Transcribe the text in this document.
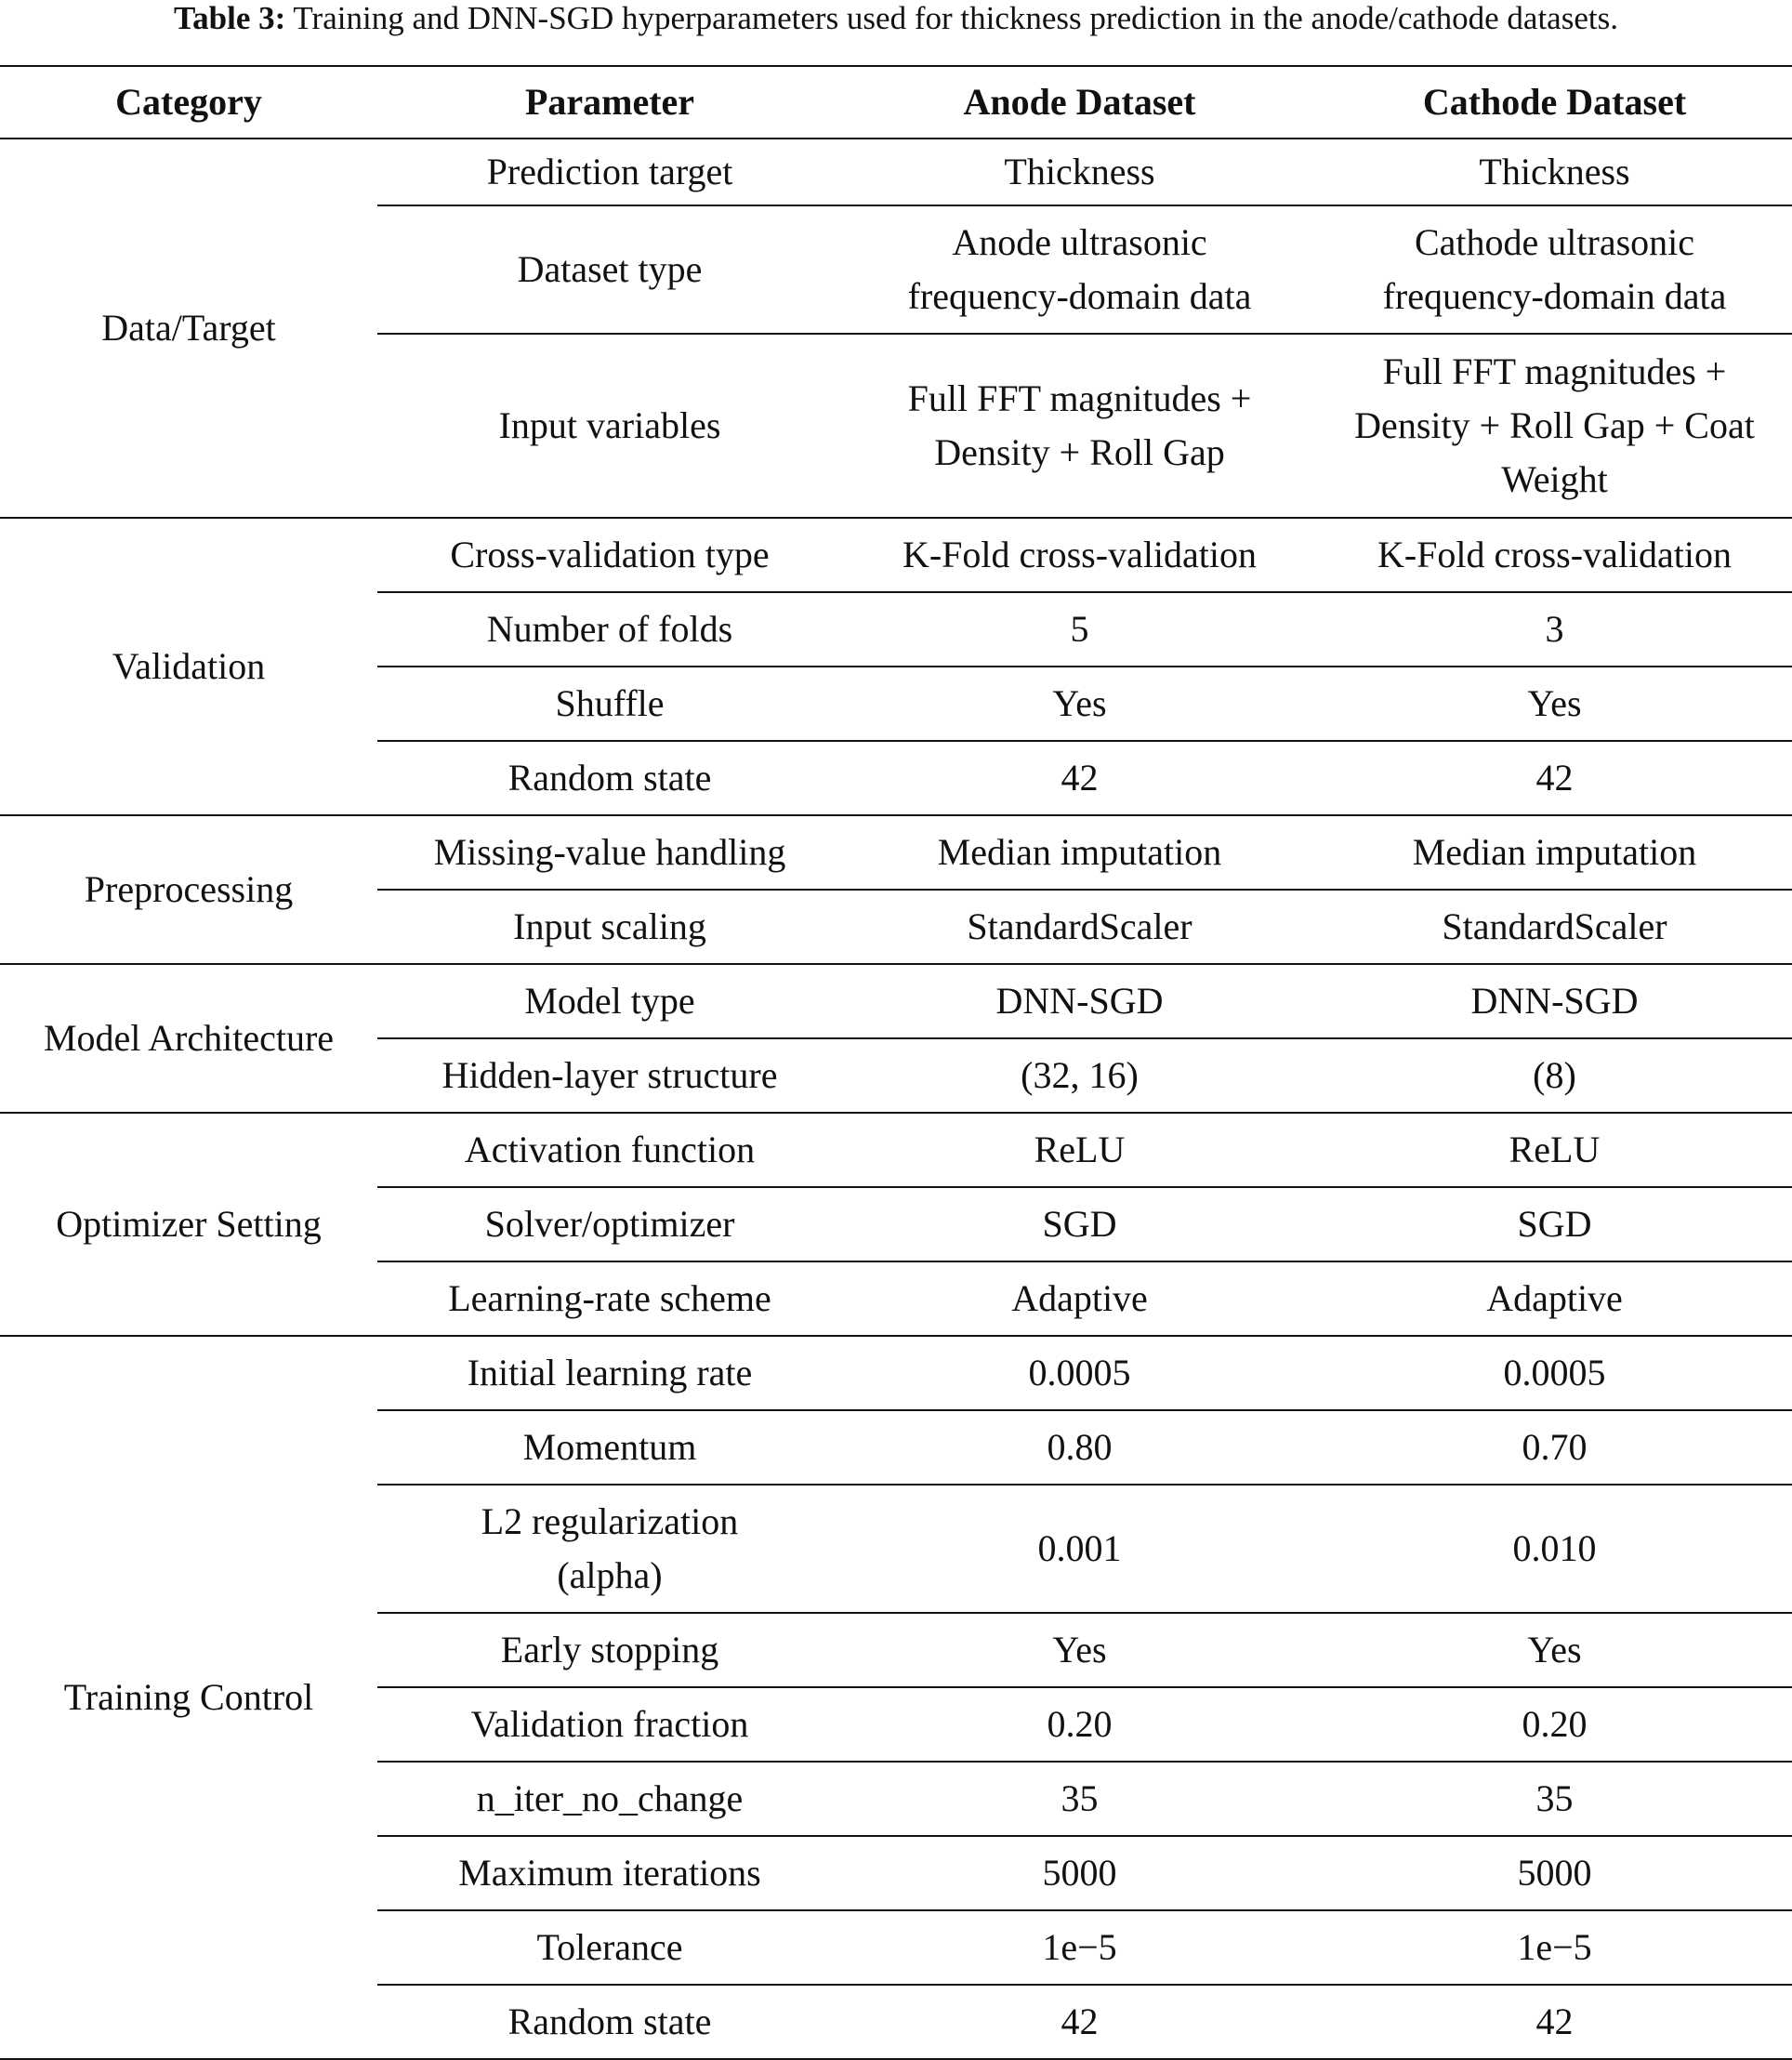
Table 3: Training and DNN-SGD hyperparameters used for thickness prediction in the anode/cathode datasets.
Category	Parameter	Anode Dataset	Cathode Dataset
Data/Target	Prediction target	Thickness	Thickness

	Dataset type	Anode ultrasonic frequency-domain data	Cathode ultrasonic frequency-domain data

	Input variables	Full FFT magnitudes + Density + Roll Gap	Full FFT magnitudes + Density + Roll Gap + Coat Weight

Validation	Cross-validation type	K-Fold cross-validation	K-Fold cross-validation

	Number of folds	5	3

	Shuffle	Yes	Yes

	Random state	42	42

Preprocessing	Missing-value handling	Median imputation	Median imputation

	Input scaling	StandardScaler	StandardScaler

Model Architecture	Model type	DNN-SGD	DNN-SGD

	Hidden-layer structure	(32, 16)	(8)

Optimizer Setting	Activation function	ReLU	ReLU

	Solver/optimizer	SGD	SGD

	Learning-rate scheme	Adaptive	Adaptive

Training Control	Initial learning rate	0.0005	0.0005

	Momentum	0.80	0.70

	L2 regularization (alpha)	0.001	0.010

	Early stopping	Yes	Yes

	Validation fraction	0.20	0.20

	n_iter_no_change	35	35

	Maximum iterations	5000	5000

	Tolerance	1e−5	1e−5

	Random state	42	42
